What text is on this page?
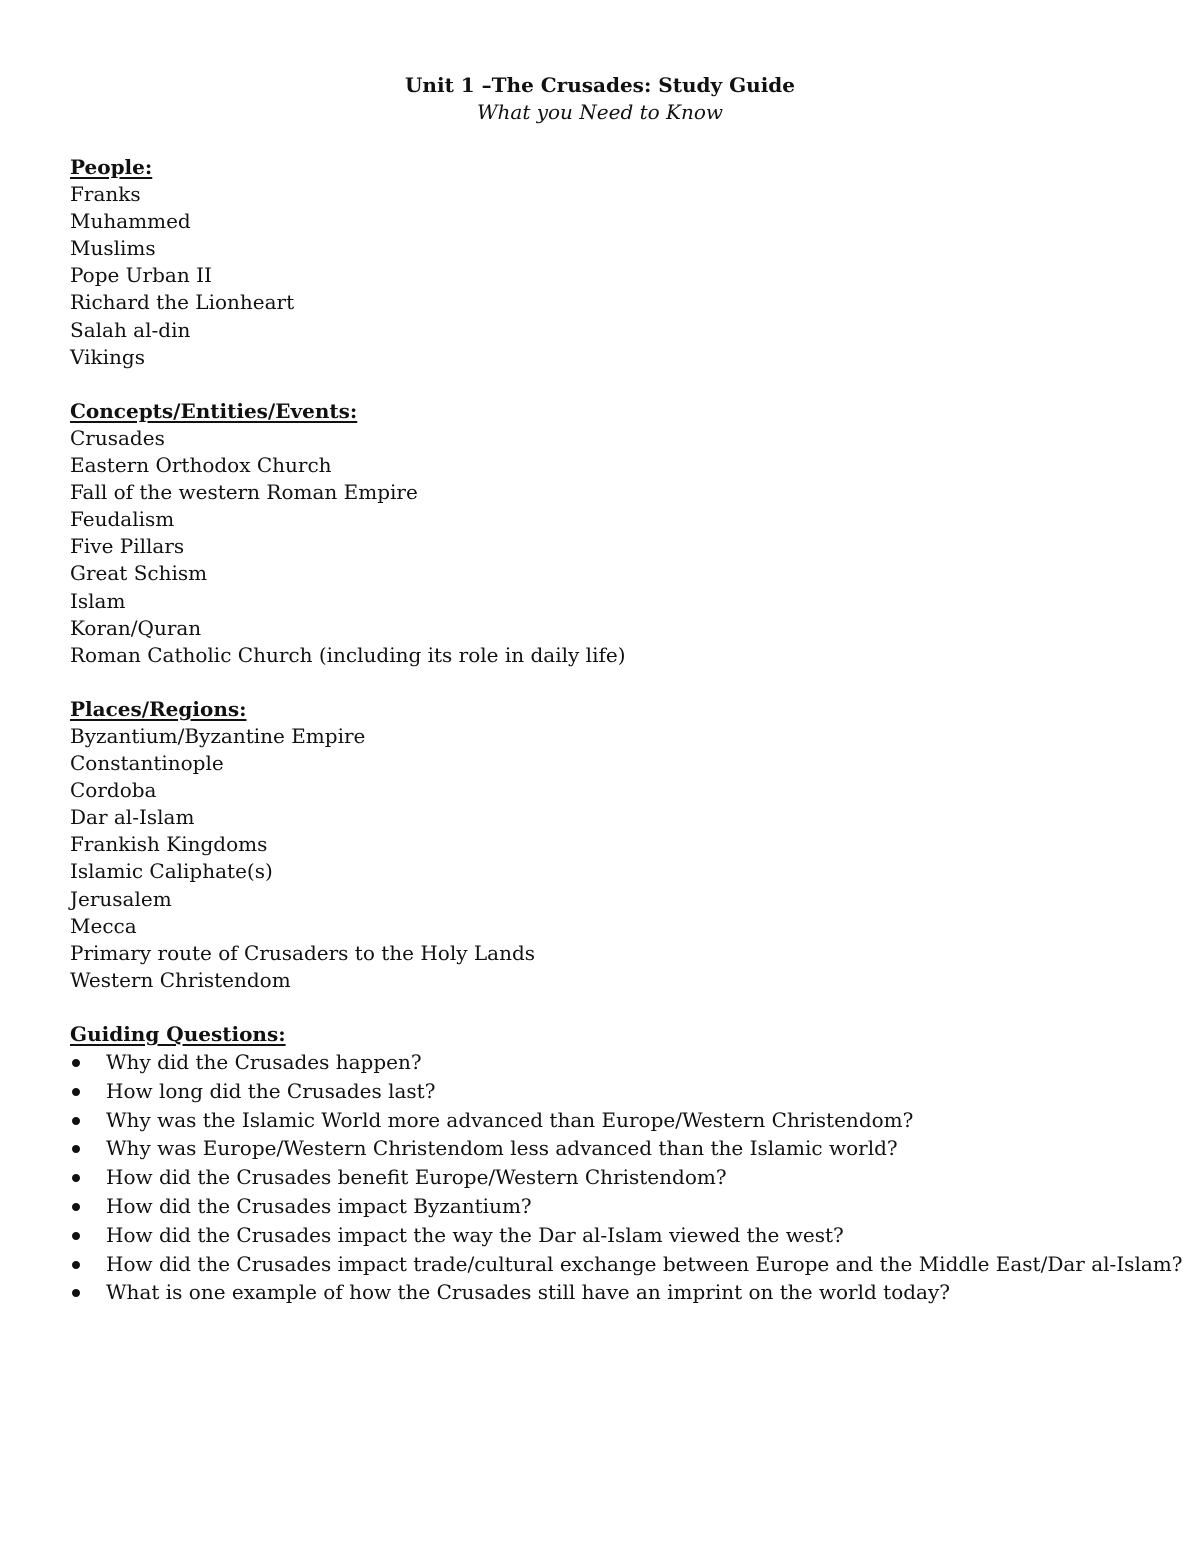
Unit 1 –The Crusades: Study Guide
What you Need to Know
People:
Franks
Muhammed
Muslims
Pope Urban II
Richard the Lionheart
Salah al-din
Vikings
Concepts/Entities/Events:
Crusades
Eastern Orthodox Church
Fall of the western Roman Empire
Feudalism
Five Pillars
Great Schism
Islam
Koran/Quran
Roman Catholic Church (including its role in daily life)
Places/Regions:
Byzantium/Byzantine Empire
Constantinople
Cordoba
Dar al-Islam
Frankish Kingdoms
Islamic Caliphate(s)
Jerusalem
Mecca
Primary route of Crusaders to the Holy Lands
Western Christendom
Guiding Questions:
Why did the Crusades happen?
How long did the Crusades last?
Why was the Islamic World more advanced than Europe/Western Christendom?
Why was Europe/Western Christendom less advanced than the Islamic world?
How did the Crusades benefit Europe/Western Christendom?
How did the Crusades impact Byzantium?
How did the Crusades impact the way the Dar al-Islam viewed the west?
How did the Crusades impact trade/cultural exchange between Europe and the Middle East/Dar al-Islam?
What is one example of how the Crusades still have an imprint on the world today?
